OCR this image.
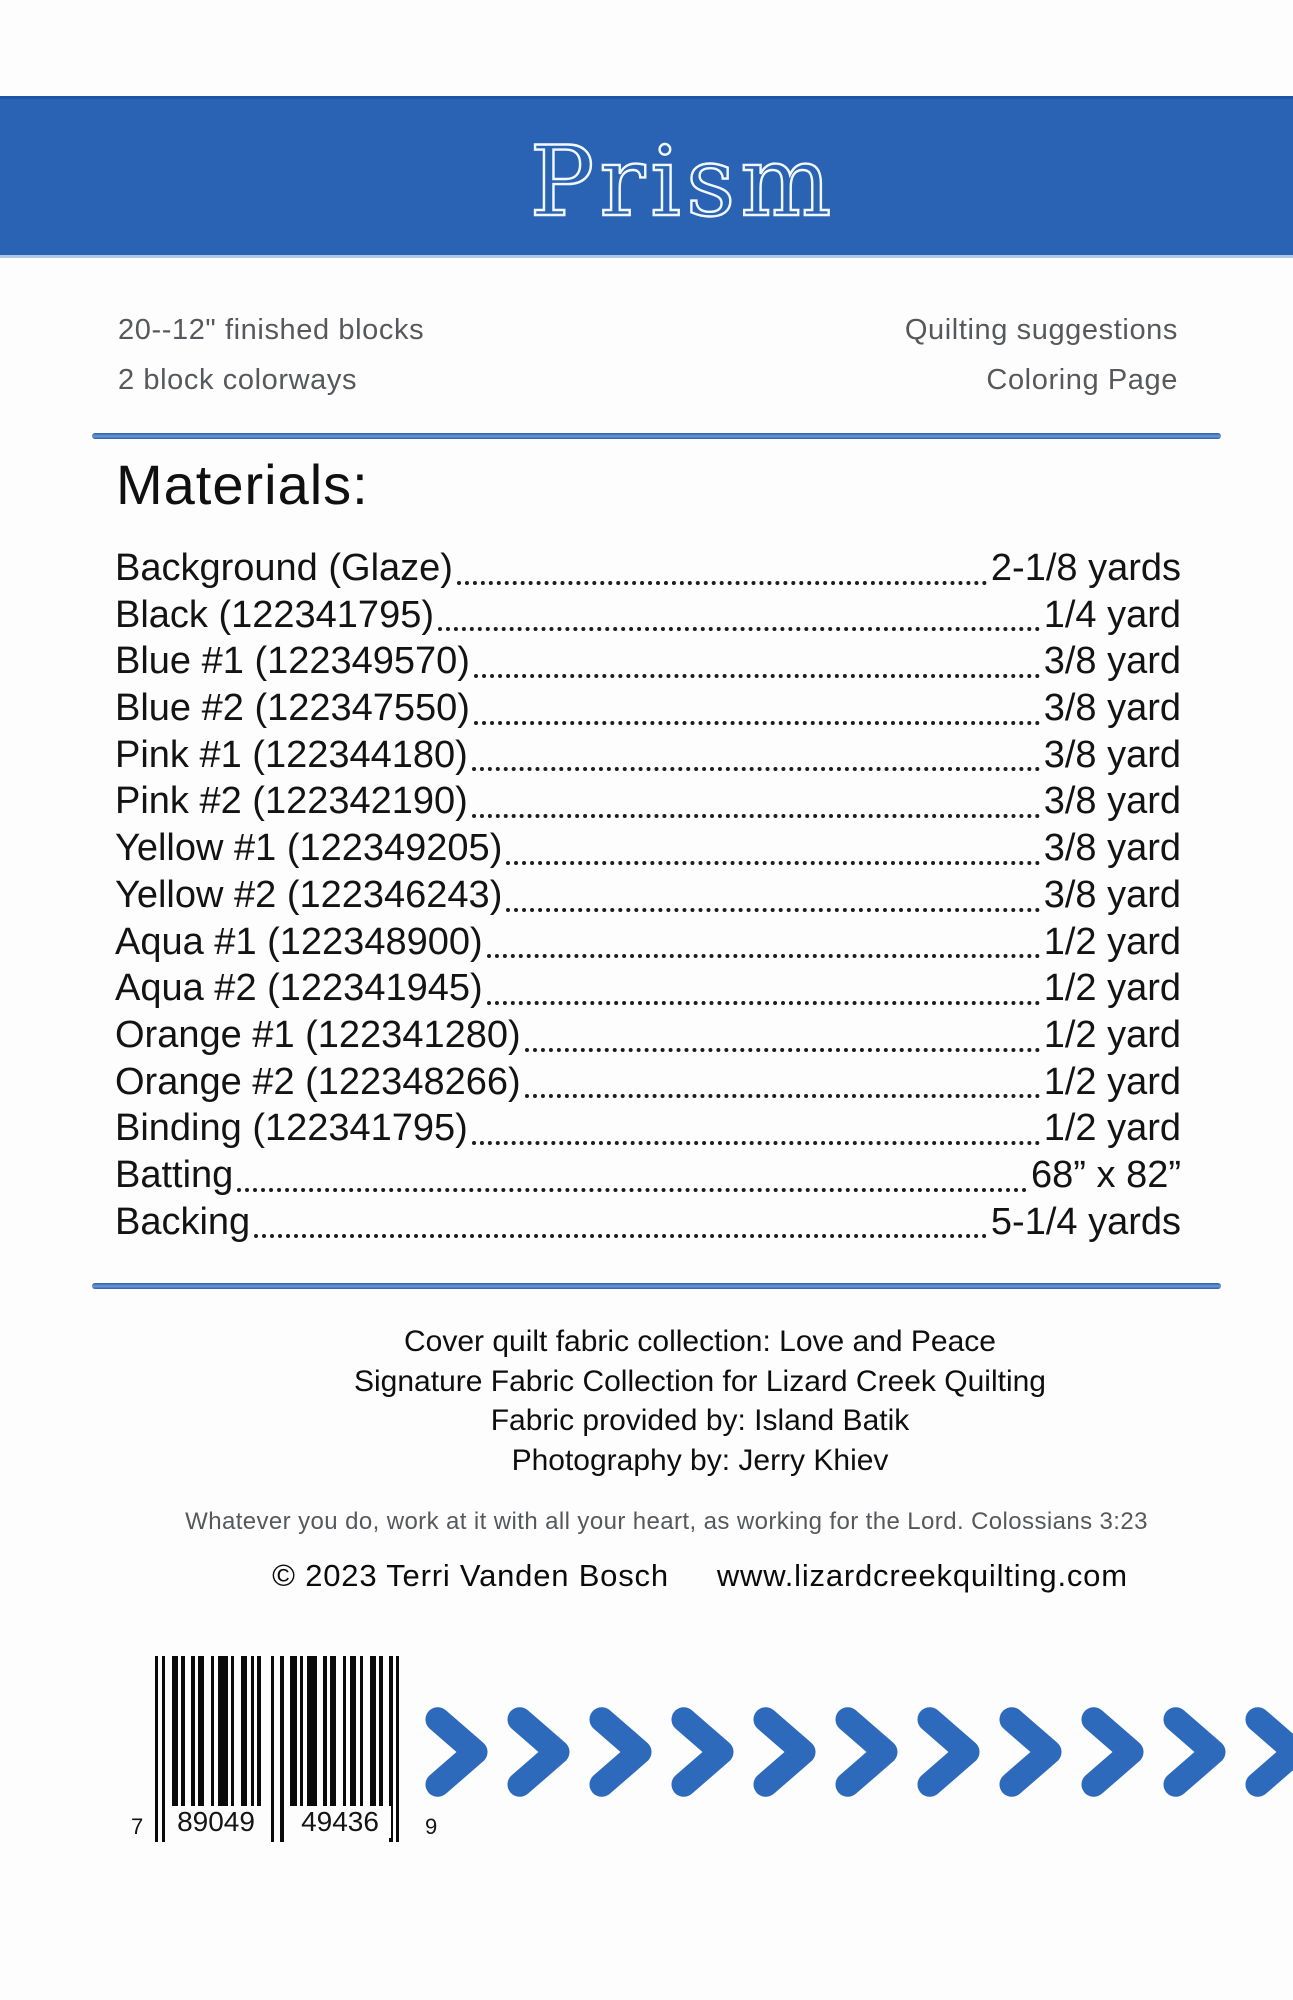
Prism
20--12" finished blocks
2 block colorways
Quilting suggestions
Coloring Page
Materials:
Background (Glaze)	2-1/8 yards
Black (122341795)	1/4 yard
Blue #1 (122349570)	3/8 yard
Blue #2 (122347550)	3/8 yard
Pink #1 (122344180)	3/8 yard
Pink #2 (122342190)	3/8 yard
Yellow #1 (122349205)	3/8 yard
Yellow #2 (122346243)	3/8 yard
Aqua #1 (122348900)	1/2 yard
Aqua #2 (122341945)	1/2 yard
Orange #1 (122341280)	1/2 yard
Orange #2 (122348266)	1/2 yard
Binding (122341795)	1/2 yard
Batting	68” x 82”
Backing	5-1/4 yards
Cover quilt fabric collection: Love and Peace
Signature Fabric Collection for Lizard Creek Quilting
Fabric provided by: Island Batik
Photography by: Jerry Khiev
Whatever you do, work at it with all your heart, as working for the Lord. Colossians 3:23
© 2023 Terri Vanden Bosch www.lizardcreekquilting.com
7	89049	49436	9
